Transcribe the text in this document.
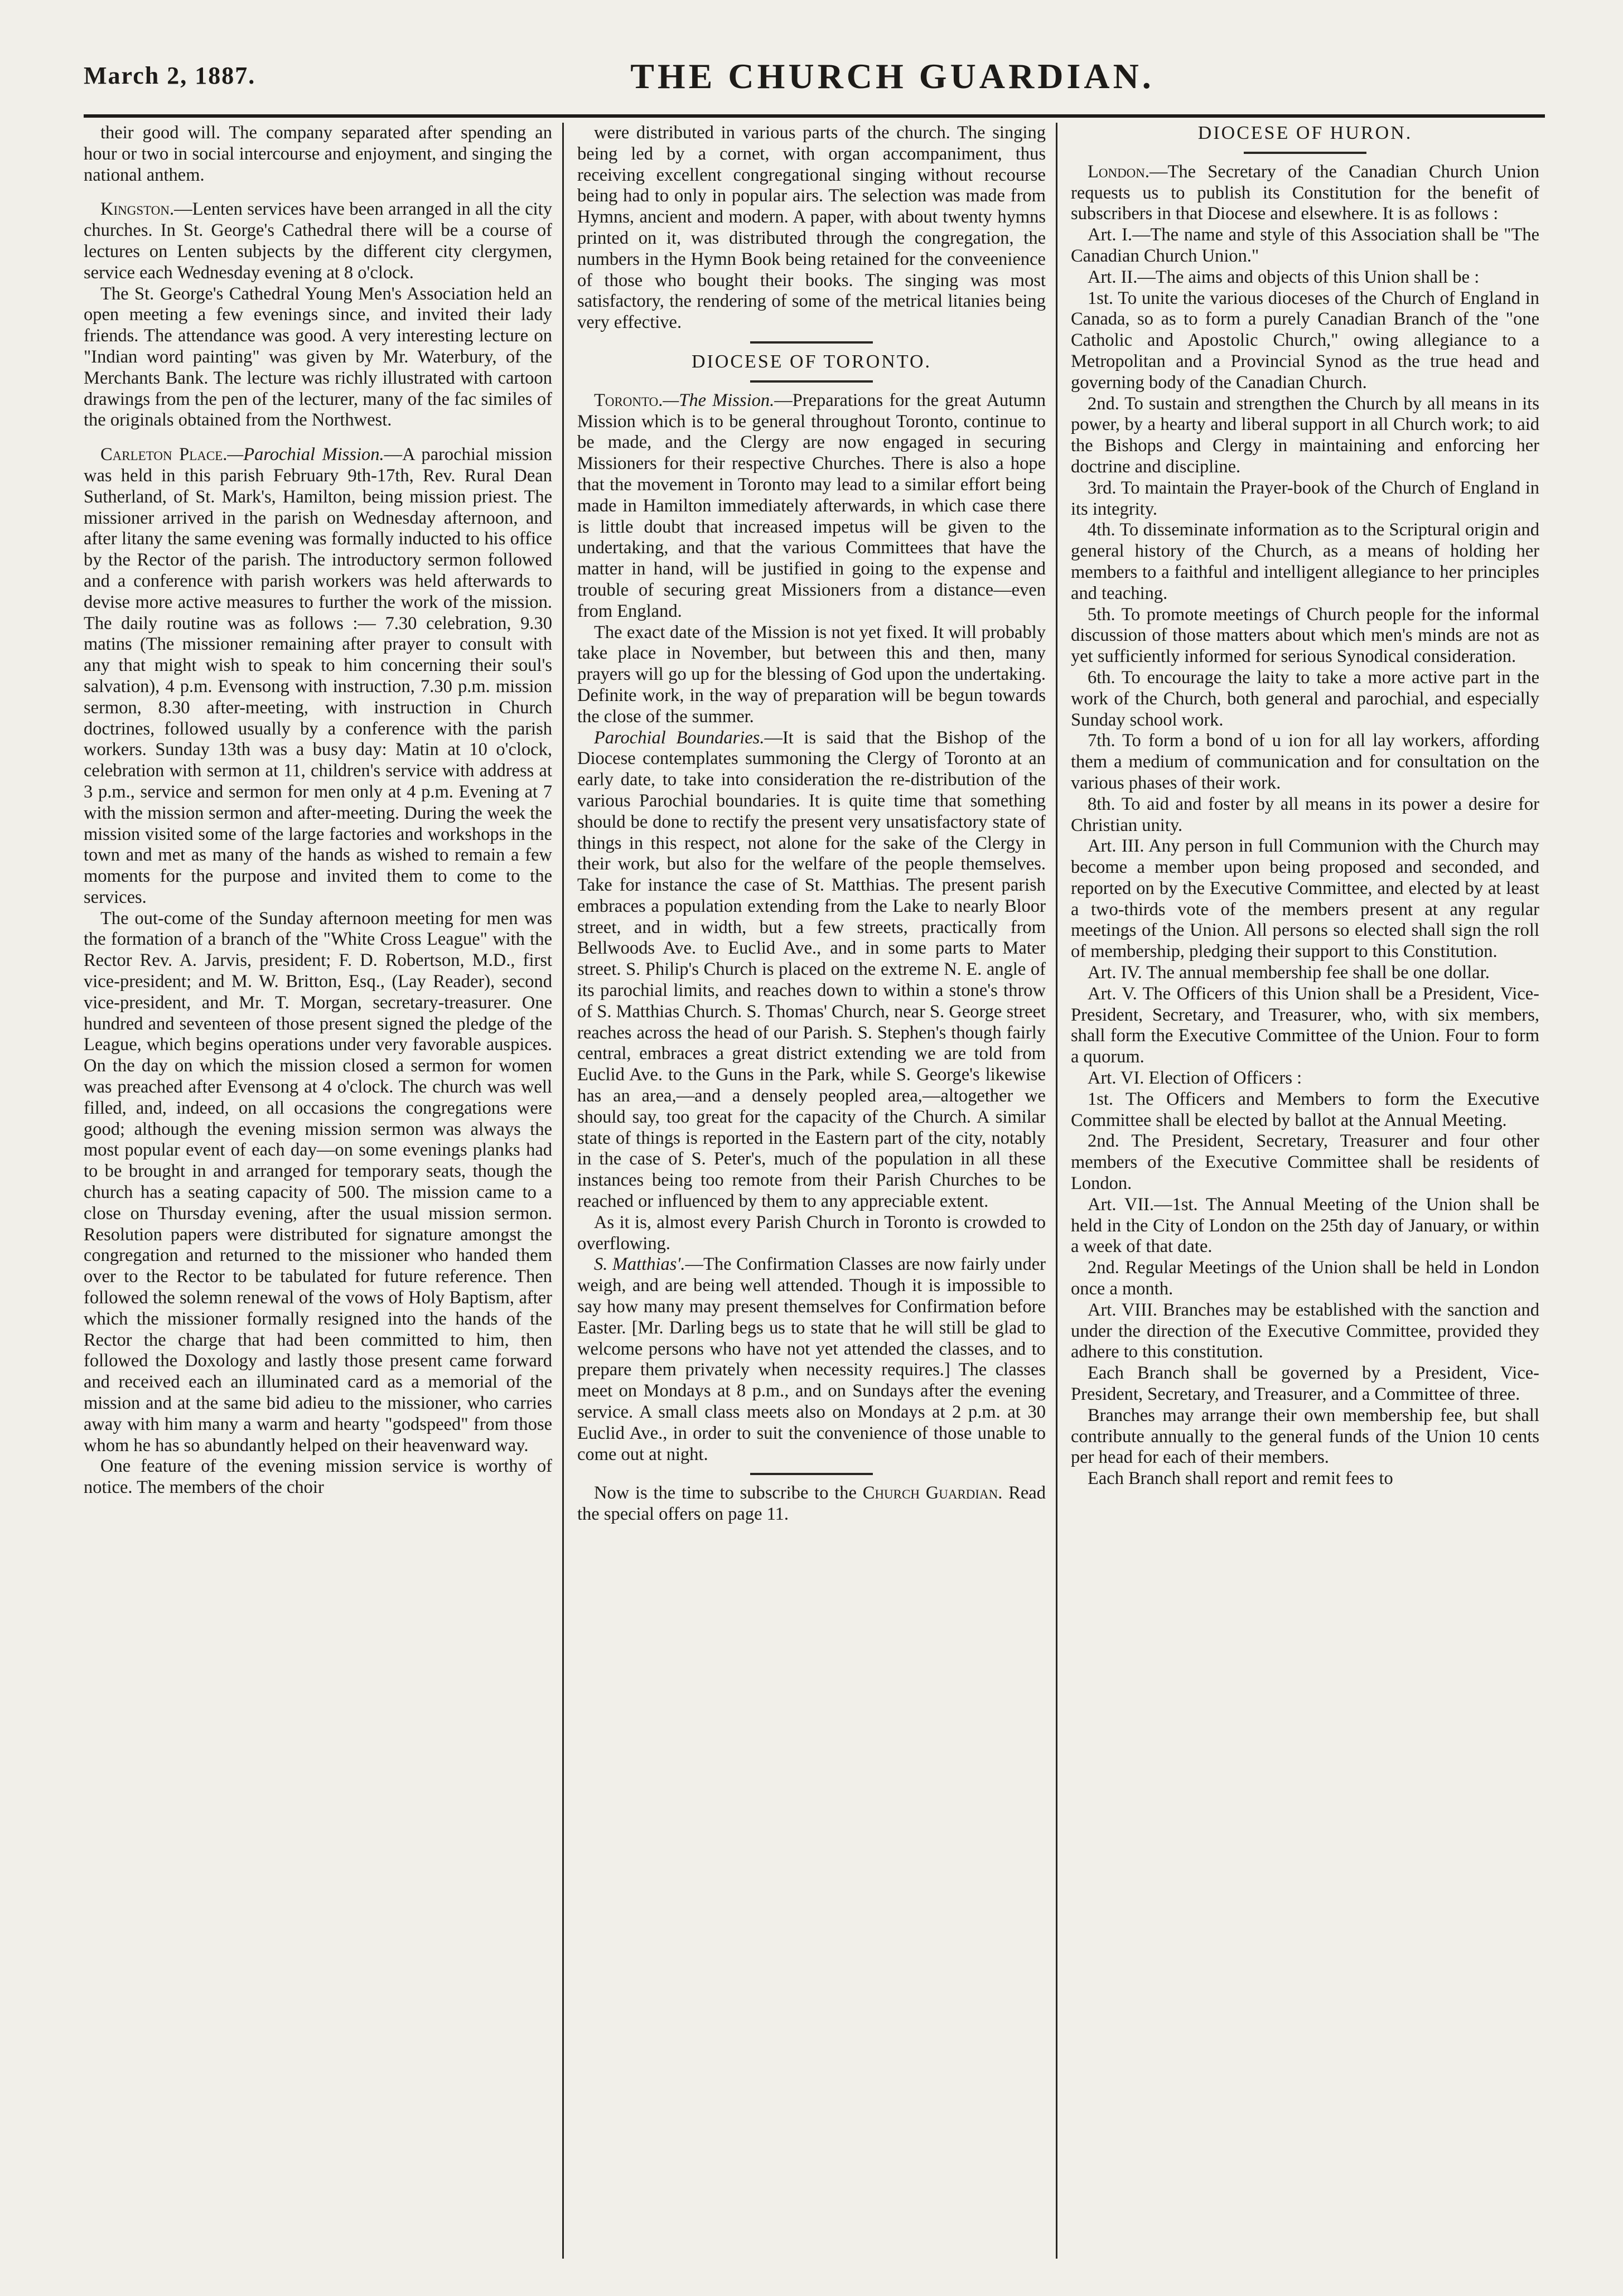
March 2, 1887.	THE CHURCH GUARDIAN.

their good will. The company separated after spending an hour or two in social intercourse and enjoyment, and singing the national anthem.

Kingston.—Lenten services have been arranged in all the city churches. In St. George's Cathedral there will be a course of lectures on Lenten subjects by the different city clergymen, service each Wednesday evening at 8 o'clock.

The St. George's Cathedral Young Men's Association held an open meeting a few evenings since, and invited their lady friends. The attendance was good. A very interesting lecture on "Indian word painting" was given by Mr. Waterbury, of the Merchants Bank. The lecture was richly illustrated with cartoon drawings from the pen of the lecturer, many of the fac similes of the originals obtained from the Northwest.

Carleton Place.—Parochial Mission.—A parochial mission was held in this parish February 9th-17th, Rev. Rural Dean Sutherland, of St. Mark's, Hamilton, being mission priest. The missioner arrived in the parish on Wednesday afternoon, and after litany the same evening was formally inducted to his office by the Rector of the parish. The introductory sermon followed and a conference with parish workers was held afterwards to devise more active measures to further the work of the mission. The daily routine was as follows :— 7.30 celebration, 9.30 matins (The missioner remaining after prayer to consult with any that might wish to speak to him concerning their soul's salvation), 4 p.m. Evensong with instruction, 7.30 p.m. mission sermon, 8.30 after-meeting, with instruction in Church doctrines, followed usually by a conference with the parish workers. Sunday 13th was a busy day: Matin at 10 o'clock, celebration with sermon at 11, children's service with address at 3 p.m., service and sermon for men only at 4 p.m. Evening at 7 with the mission sermon and after-meeting. During the week the mission visited some of the large factories and workshops in the town and met as many of the hands as wished to remain a few moments for the purpose and invited them to come to the services.

The out-come of the Sunday afternoon meeting for men was the formation of a branch of the "White Cross League" with the Rector Rev. A. Jarvis, president; F. D. Robertson, M.D., first vice-president; and M. W. Britton, Esq., (Lay Reader), second vice-president, and Mr. T. Morgan, secretary-treasurer. One hundred and seventeen of those present signed the pledge of the League, which begins operations under very favorable auspices. On the day on which the mission closed a sermon for women was preached after Evensong at 4 o'clock. The church was well filled, and, indeed, on all occasions the congregations were good; although the evening mission sermon was always the most popular event of each day—on some evenings planks had to be brought in and arranged for temporary seats, though the church has a seating capacity of 500. The mission came to a close on Thursday evening, after the usual mission sermon. Resolution papers were distributed for signature amongst the congregation and returned to the missioner who handed them over to the Rector to be tabulated for future reference. Then followed the solemn renewal of the vows of Holy Baptism, after which the missioner formally resigned into the hands of the Rector the charge that had been committed to him, then followed the Doxology and lastly those present came forward and received each an illuminated card as a memorial of the mission and at the same bid adieu to the missioner, who carries away with him many a warm and hearty "godspeed" from those whom he has so abundantly helped on their heavenward way.

One feature of the evening mission service is worthy of notice. The members of the choir

were distributed in various parts of the church. The singing being led by a cornet, with organ accompaniment, thus receiving excellent congregational singing without recourse being had to only in popular airs. The selection was made from Hymns, ancient and modern. A paper, with about twenty hymns printed on it, was distributed through the congregation, the numbers in the Hymn Book being retained for the conveenience of those who bought their books. The singing was most satisfactory, the rendering of some of the metrical litanies being very effective.

DIOCESE OF TORONTO.

Toronto.—The Mission.—Preparations for the great Autumn Mission which is to be general throughout Toronto, continue to be made, and the Clergy are now engaged in securing Missioners for their respective Churches. There is also a hope that the movement in Toronto may lead to a similar effort being made in Hamilton immediately afterwards, in which case there is little doubt that increased impetus will be given to the undertaking, and that the various Committees that have the matter in hand, will be justified in going to the expense and trouble of securing great Missioners from a distance—even from England.

The exact date of the Mission is not yet fixed. It will probably take place in November, but between this and then, many prayers will go up for the blessing of God upon the undertaking. Definite work, in the way of preparation will be begun towards the close of the summer.

Parochial Boundaries.—It is said that the Bishop of the Diocese contemplates summoning the Clergy of Toronto at an early date, to take into consideration the re-distribution of the various Parochial boundaries. It is quite time that something should be done to rectify the present very unsatisfactory state of things in this respect, not alone for the sake of the Clergy in their work, but also for the welfare of the people themselves. Take for instance the case of St. Matthias. The present parish embraces a population extending from the Lake to nearly Bloor street, and in width, but a few streets, practically from Bellwoods Ave. to Euclid Ave., and in some parts to Mater street. S. Philip's Church is placed on the extreme N. E. angle of its parochial limits, and reaches down to within a stone's throw of S. Matthias Church. S. Thomas' Church, near S. George street reaches across the head of our Parish. S. Stephen's though fairly central, embraces a great district extending we are told from Euclid Ave. to the Guns in the Park, while S. George's likewise has an area,—and a densely peopled area,—altogether we should say, too great for the capacity of the Church. A similar state of things is reported in the Eastern part of the city, notably in the case of S. Peter's, much of the population in all these instances being too remote from their Parish Churches to be reached or influenced by them to any appreciable extent.

As it is, almost every Parish Church in Toronto is crowded to overflowing.

S. Matthias'.—The Confirmation Classes are now fairly under weigh, and are being well attended. Though it is impossible to say how many may present themselves for Confirmation before Easter. [Mr. Darling begs us to state that he will still be glad to welcome persons who have not yet attended the classes, and to prepare them privately when necessity requires.] The classes meet on Mondays at 8 p.m., and on Sundays after the evening service. A small class meets also on Mondays at 2 p.m. at 30 Euclid Ave., in order to suit the convenience of those unable to come out at night.

Now is the time to subscribe to the Church Guardian. Read the special offers on page 11.

DIOCESE OF HURON.

London.—The Secretary of the Canadian Church Union requests us to publish its Constitution for the benefit of subscribers in that Diocese and elsewhere. It is as follows :

Art. I.—The name and style of this Association shall be "The Canadian Church Union."

Art. II.—The aims and objects of this Union shall be :

1st. To unite the various dioceses of the Church of England in Canada, so as to form a purely Canadian Branch of the "one Catholic and Apostolic Church," owing allegiance to a Metropolitan and a Provincial Synod as the true head and governing body of the Canadian Church.

2nd. To sustain and strengthen the Church by all means in its power, by a hearty and liberal support in all Church work; to aid the Bishops and Clergy in maintaining and enforcing her doctrine and discipline.

3rd. To maintain the Prayer-book of the Church of England in its integrity.

4th. To disseminate information as to the Scriptural origin and general history of the Church, as a means of holding her members to a faithful and intelligent allegiance to her principles and teaching.

5th. To promote meetings of Church people for the informal discussion of those matters about which men's minds are not as yet sufficiently informed for serious Synodical consideration.

6th. To encourage the laity to take a more active part in the work of the Church, both general and parochial, and especially Sunday school work.

7th. To form a bond of u ion for all lay workers, affording them a medium of communication and for consultation on the various phases of their work.

8th. To aid and foster by all means in its power a desire for Christian unity.

Art. III. Any person in full Communion with the Church may become a member upon being proposed and seconded, and reported on by the Executive Committee, and elected by at least a two-thirds vote of the members present at any regular meetings of the Union. All persons so elected shall sign the roll of membership, pledging their support to this Constitution.

Art. IV. The annual membership fee shall be one dollar.

Art. V. The Officers of this Union shall be a President, Vice-President, Secretary, and Treasurer, who, with six members, shall form the Executive Committee of the Union. Four to form a quorum.

Art. VI. Election of Officers :

1st. The Officers and Members to form the Executive Committee shall be elected by ballot at the Annual Meeting.

2nd. The President, Secretary, Treasurer and four other members of the Executive Committee shall be residents of London.

Art. VII.—1st. The Annual Meeting of the Union shall be held in the City of London on the 25th day of January, or within a week of that date.

2nd. Regular Meetings of the Union shall be held in London once a month.

Art. VIII. Branches may be established with the sanction and under the direction of the Executive Committee, provided they adhere to this constitution.

Each Branch shall be governed by a President, Vice-President, Secretary, and Treasurer, and a Committee of three.

Branches may arrange their own membership fee, but shall contribute annually to the general funds of the Union 10 cents per head for each of their members.

Each Branch shall report and remit fees to
